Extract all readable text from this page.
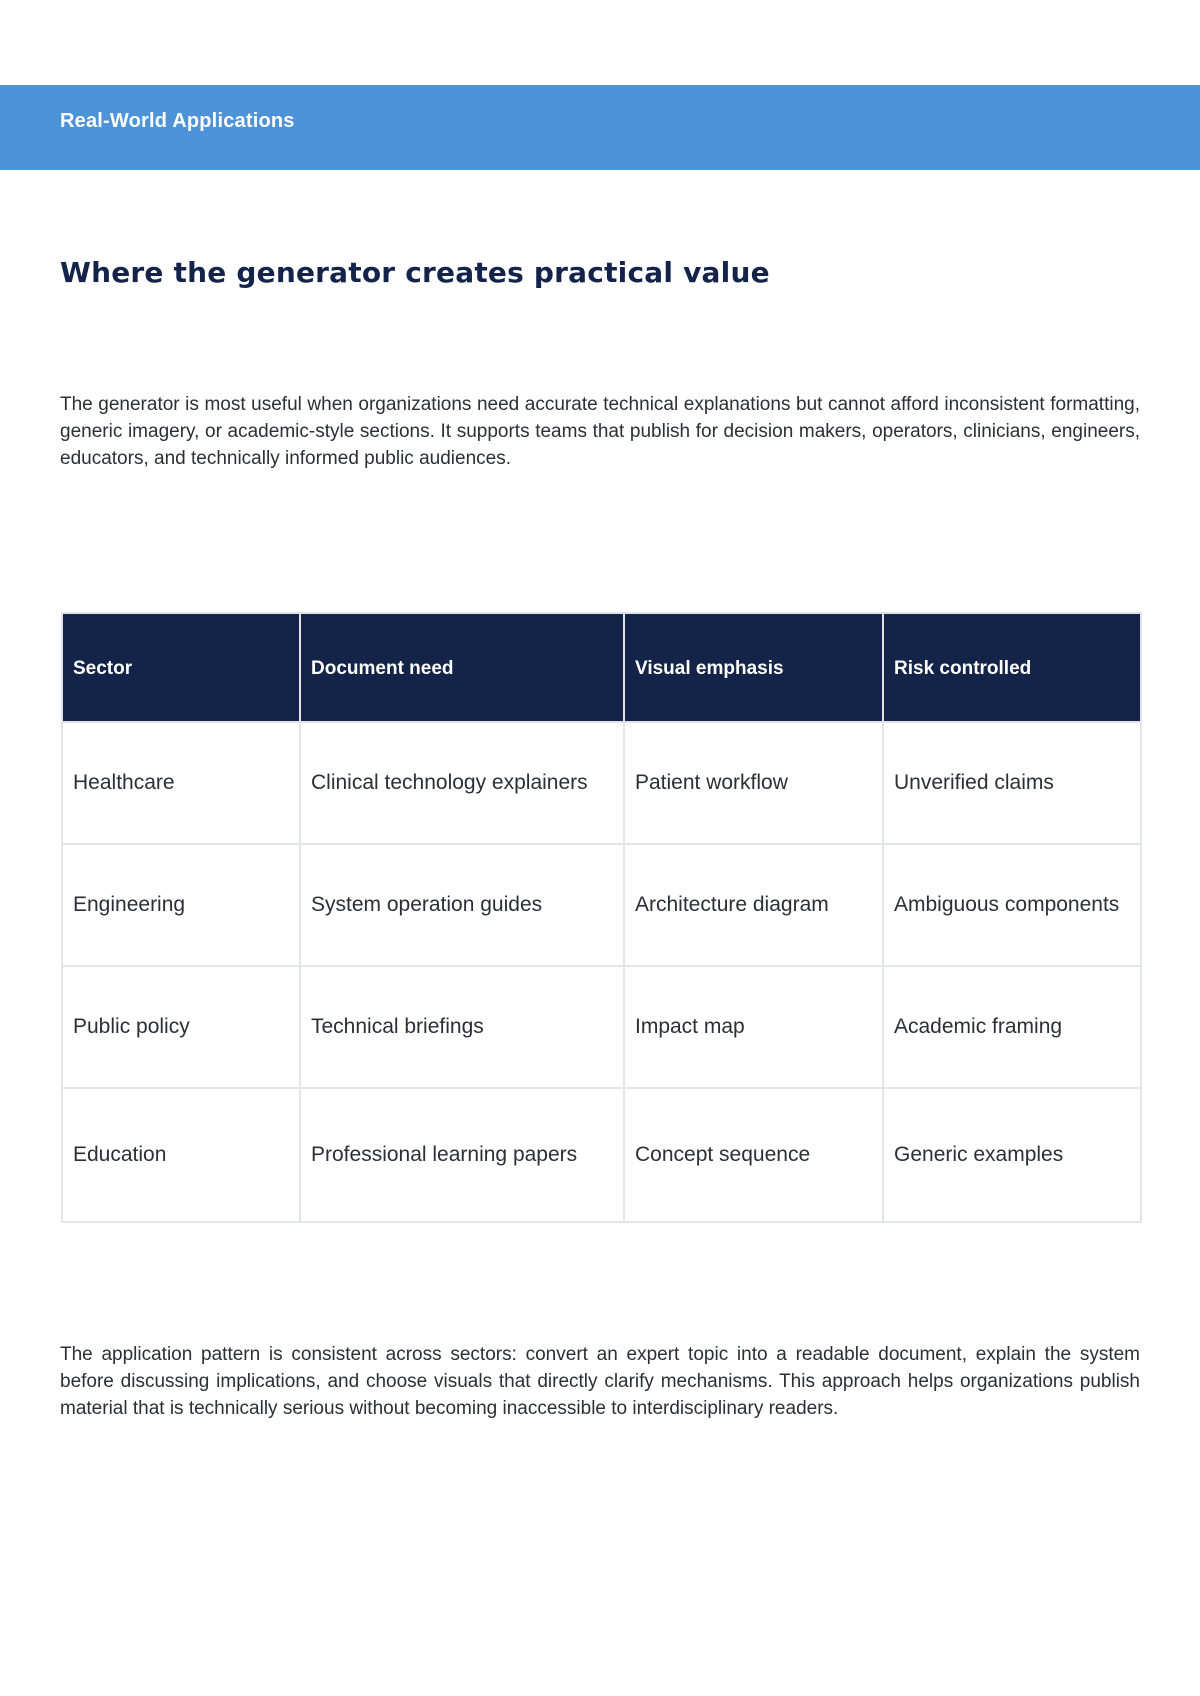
Real-World Applications
Where the generator creates practical value

The generator is most useful when organizations need accurate technical explanations but cannot afford inconsistent formatting, generic imagery, or academic-style sections. It supports teams that publish for decision makers, operators, clinicians, engineers, educators, and technically informed public audiences.

Sector	Document need	Visual emphasis	Risk controlled
Healthcare	Clinical technology explainers	Patient workflow	Unverified claims
Engineering	System operation guides	Architecture diagram	Ambiguous components
Public policy	Technical briefings	Impact map	Academic framing
Education	Professional learning papers	Concept sequence	Generic examples

The application pattern is consistent across sectors: convert an expert topic into a readable document, explain the system before discussing implications, and choose visuals that directly clarify mechanisms. This approach helps organizations publish material that is technically serious without becoming inaccessible to interdisciplinary readers.
